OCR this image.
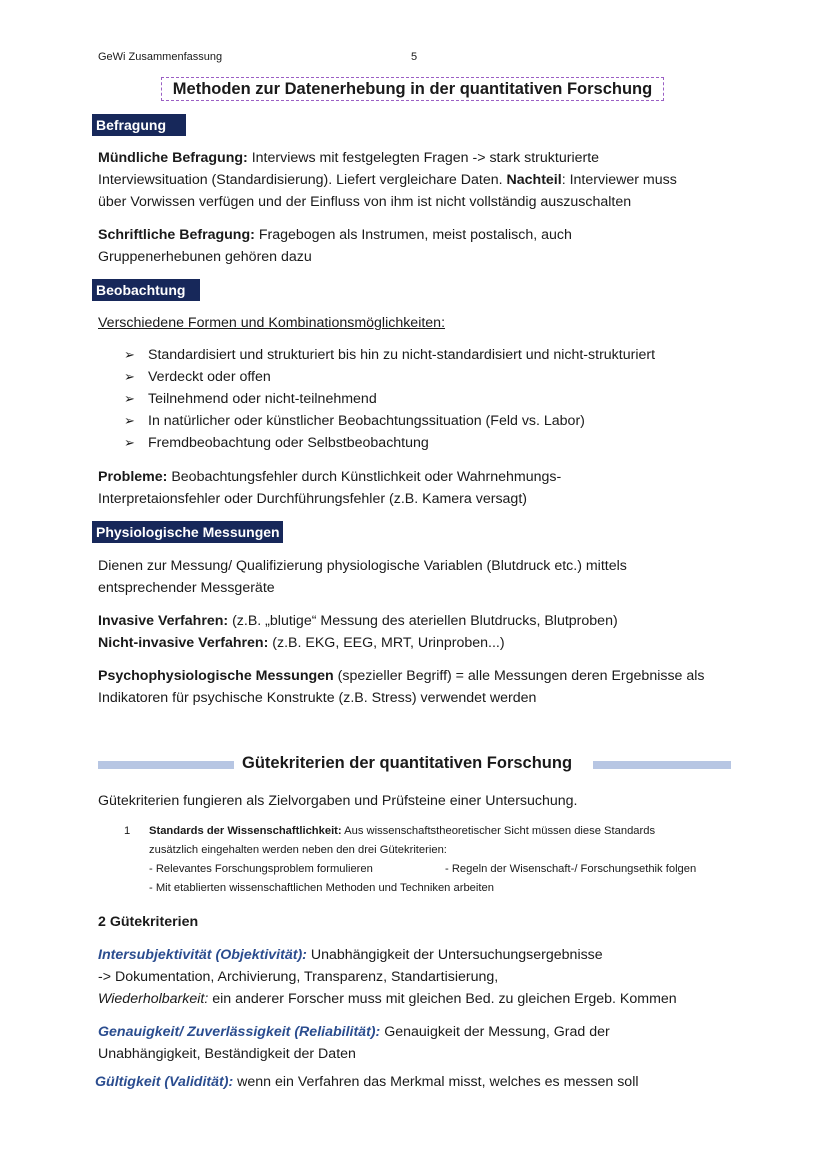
GeWi Zusammenfassung	5
Methoden zur Datenerhebung in der quantitativen Forschung
Befragung
Mündliche Befragung: Interviews mit festgelegten Fragen -> stark strukturierte
Interviewsituation (Standardisierung). Liefert vergleichare Daten. Nachteil: Interviewer muss
über Vorwissen verfügen und der Einfluss von ihm ist nicht vollständig auszuschalten
Schriftliche Befragung: Fragebogen als Instrumen, meist postalisch, auch
Gruppenerhebunen gehören dazu
Beobachtung
Verschiedene Formen und Kombinationsmöglichkeiten:
➢ Standardisiert und strukturiert bis hin zu nicht-standardisiert und nicht-strukturiert
➢ Verdeckt oder offen
➢ Teilnehmend oder nicht-teilnehmend
➢ In natürlicher oder künstlicher Beobachtungssituation (Feld vs. Labor)
➢ Fremdbeobachtung oder Selbstbeobachtung
Probleme: Beobachtungsfehler durch Künstlichkeit oder Wahrnehmungs-
Interpretaionsfehler oder Durchführungsfehler (z.B. Kamera versagt)
Physiologische Messungen
Dienen zur Messung/ Qualifizierung physiologische Variablen (Blutdruck etc.) mittels
entsprechender Messgeräte
Invasive Verfahren: (z.B. „blutige“ Messung des ateriellen Blutdrucks, Blutproben)
Nicht-invasive Verfahren: (z.B. EKG, EEG, MRT, Urinproben...)
Psychophysiologische Messungen (spezieller Begriff) = alle Messungen deren Ergebnisse als
Indikatoren für psychische Konstrukte (z.B. Stress) verwendet werden
Gütekriterien der quantitativen Forschung
Gütekriterien fungieren als Zielvorgaben und Prüfsteine einer Untersuchung.
1 Standards der Wissenschaftlichkeit: Aus wissenschaftstheoretischer Sicht müssen diese Standards
zusätzlich eingehalten werden neben den drei Gütekriterien:
- Relevantes Forschungsproblem formulieren	- Regeln der Wisenschaft-/ Forschungsethik folgen
- Mit etablierten wissenschaftlichen Methoden und Techniken arbeiten
2 Gütekriterien
Intersubjektivität (Objektivität): Unabhängigkeit der Untersuchungsergebnisse
-> Dokumentation, Archivierung, Transparenz, Standartisierung,
Wiederholbarkeit: ein anderer Forscher muss mit gleichen Bed. zu gleichen Ergeb. Kommen
Genauigkeit/ Zuverlässigkeit (Reliabilität): Genauigkeit der Messung, Grad der
Unabhängigkeit, Beständigkeit der Daten
Gültigkeit (Validität): wenn ein Verfahren das Merkmal misst, welches es messen soll
